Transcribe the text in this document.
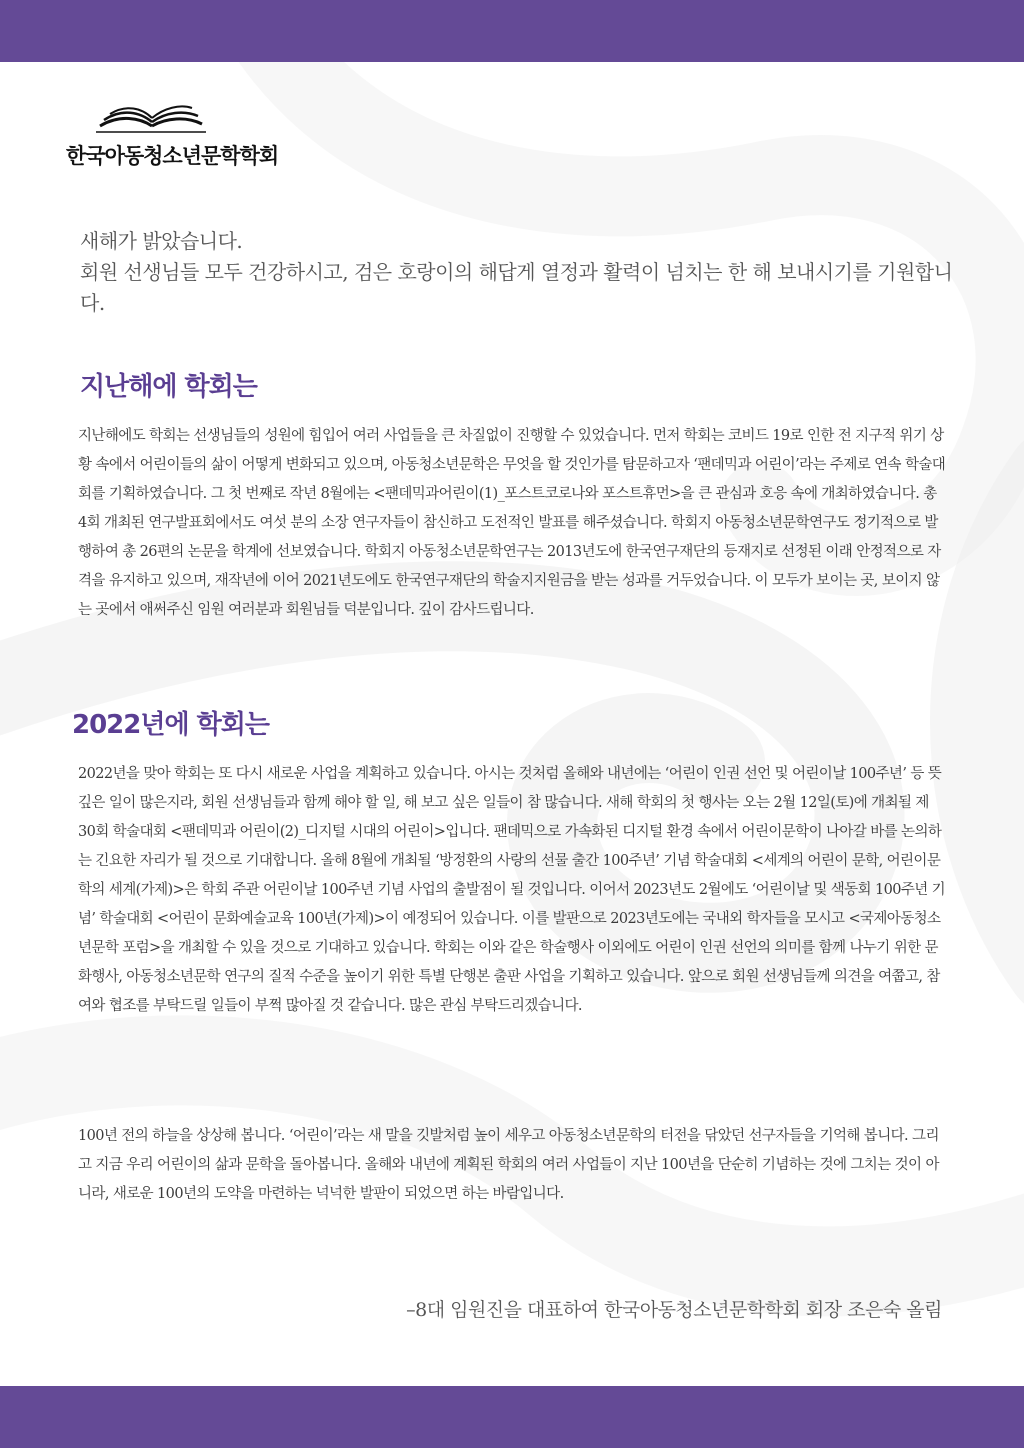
한국아동청소년문학학회

새해가 밝았습니다.

회원 선생님들 모두 건강하시고, 검은 호랑이의 해답게 열정과 활력이 넘치는 한 해 보내시기를 기원합니다.

지난해에 학회는

지난해에도 학회는 선생님들의 성원에 힘입어 여러 사업들을 큰 차질없이 진행할 수 있었습니다. 먼저 학회는 코비드 19로 인한 전 지구적 위기 상황 속에서 어린이들의 삶이 어떻게 변화되고 있으며, 아동청소년문학은 무엇을 할 것인가를 탐문하고자 ‘팬데믹과 어린이’라는 주제로 연속 학술대회를 기획하였습니다. 그 첫 번째로 작년 8월에는 <팬데믹과어린이(1)_포스트코로나와 포스트휴먼>을 큰 관심과 호응 속에 개최하였습니다. 총 4회 개최된 연구발표회에서도 여섯 분의 소장 연구자들이 참신하고 도전적인 발표를 해주셨습니다. 학회지 아동청소년문학연구도 정기적으로 발행하여 총 26편의 논문을 학계에 선보였습니다. 학회지 아동청소년문학연구는 2013년도에 한국연구재단의 등재지로 선정된 이래 안정적으로 자격을 유지하고 있으며, 재작년에 이어 2021년도에도 한국연구재단의 학술지지원금을 받는 성과를 거두었습니다. 이 모두가 보이는 곳, 보이지 않는 곳에서 애써주신 임원 여러분과 회원님들 덕분입니다. 깊이 감사드립니다.

2022년에 학회는

2022년을 맞아 학회는 또 다시 새로운 사업을 계획하고 있습니다. 아시는 것처럼 올해와 내년에는 ‘어린이 인권 선언 및 어린이날 100주년’ 등 뜻깊은 일이 많은지라, 회원 선생님들과 함께 해야 할 일, 해 보고 싶은 일들이 참 많습니다. 새해 학회의 첫 행사는 오는 2월 12일(토)에 개최될 제30회 학술대회 <팬데믹과 어린이(2)_디지털 시대의 어린이>입니다. 팬데믹으로 가속화된 디지털 환경 속에서 어린이문학이 나아갈 바를 논의하는 긴요한 자리가 될 것으로 기대합니다. 올해 8월에 개최될 ‘방정환의 사랑의 선물 출간 100주년’ 기념 학술대회 <세계의 어린이 문학, 어린이문학의 세계(가제)>은 학회 주관 어린이날 100주년 기념 사업의 출발점이 될 것입니다. 이어서 2023년도 2월에도 ‘어린이날 및 색동회 100주년 기념’ 학술대회 <어린이 문화예술교육 100년(가제)>이 예정되어 있습니다. 이를 발판으로 2023년도에는 국내외 학자들을 모시고 <국제아동청소년문학 포럼>을 개최할 수 있을 것으로 기대하고 있습니다. 학회는 이와 같은 학술행사 이외에도 어린이 인권 선언의 의미를 함께 나누기 위한 문화행사, 아동청소년문학 연구의 질적 수준을 높이기 위한 특별 단행본 출판 사업을 기획하고 있습니다. 앞으로 회원 선생님들께 의견을 여쭙고, 참여와 협조를 부탁드릴 일들이 부쩍 많아질 것 같습니다. 많은 관심 부탁드리겠습니다.

100년 전의 하늘을 상상해 봅니다. ‘어린이’라는 새 말을 깃발처럼 높이 세우고 아동청소년문학의 터전을 닦았던 선구자들을 기억해 봅니다. 그리고 지금 우리 어린이의 삶과 문학을 돌아봅니다. 올해와 내년에 계획된 학회의 여러 사업들이 지난 100년을 단순히 기념하는 것에 그치는 것이 아니라, 새로운 100년의 도약을 마련하는 넉넉한 발판이 되었으면 하는 바람입니다.

–8대 임원진을 대표하여 한국아동청소년문학학회 회장 조은숙 올림
